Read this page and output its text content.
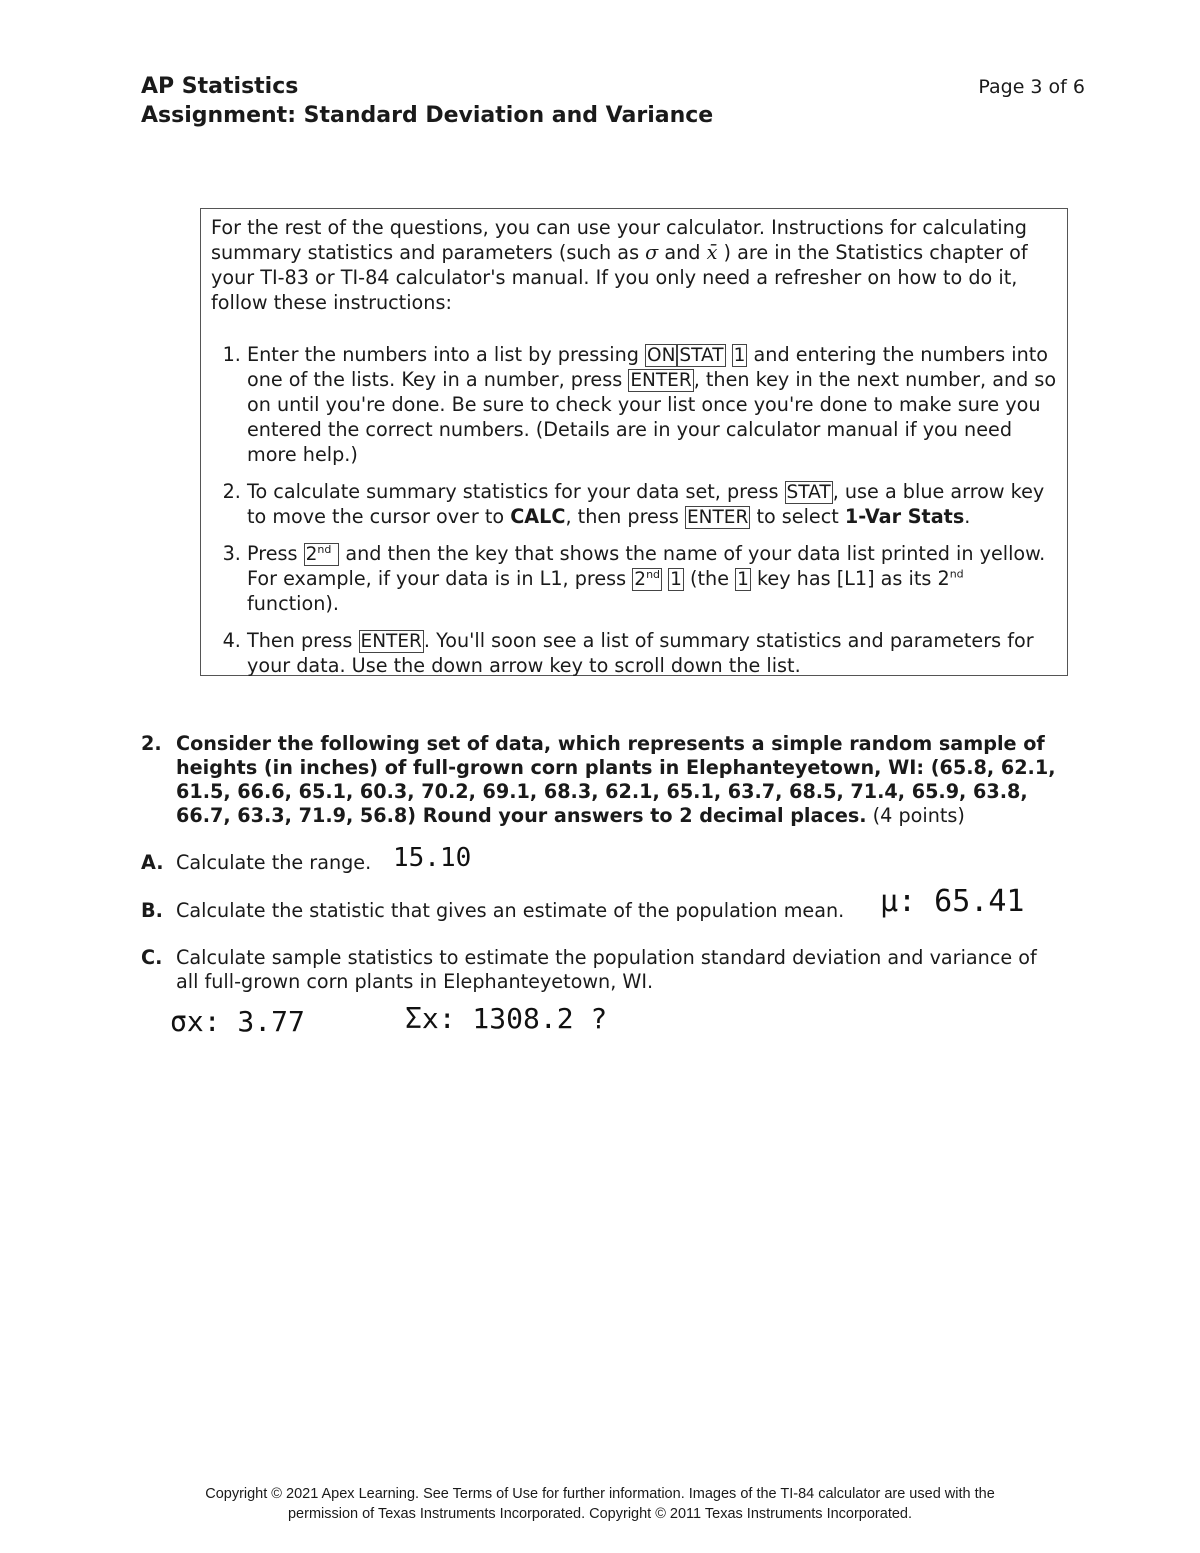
AP Statistics
Assignment: Standard Deviation and Variance
Page 3 of 6

For the rest of the questions, you can use your calculator. Instructions for calculating summary statistics and parameters (such as σ and x̄ ) are in the Statistics chapter of your TI-83 or TI-84 calculator's manual. If you only need a refresher on how to do it, follow these instructions:

1. Enter the numbers into a list by pressing ON STAT 1 and entering the numbers into one of the lists. Key in a number, press ENTER , then key in the next number, and so on until you're done. Be sure to check your list once you're done to make sure you entered the correct numbers. (Details are in your calculator manual if you need more help.)
2. To calculate summary statistics for your data set, press STAT , use a blue arrow key to move the cursor over to CALC, then press ENTER to select 1-Var Stats.
3. Press 2nd  and then the key that shows the name of your data list printed in yellow. For example, if your data is in L1, press 2nd 1 (the 1 key has [L1] as its 2nd function).
4. Then press ENTER . You'll soon see a list of summary statistics and parameters for your data. Use the down arrow key to scroll down the list.
2. Consider the following set of data, which represents a simple random sample of heights (in inches) of full-grown corn plants in Elephanteyetown, WI: (65.8, 62.1, 61.5, 66.6, 65.1, 60.3, 70.2, 69.1, 68.3, 62.1, 65.1, 63.7, 68.5, 71.4, 65.9, 63.8, 66.7, 63.3, 71.9, 56.8) Round your answers to 2 decimal places. (4 points)
A. Calculate the range. 15.10
B. Calculate the statistic that gives an estimate of the population mean.	μ: 65.41
C. Calculate sample statistics to estimate the population standard deviation and variance of all full-grown corn plants in Elephanteyetown, WI.
σx: 3.77	Σx: 1308.2 ?
Copyright © 2021 Apex Learning. See Terms of Use for further information. Images of the TI-84 calculator are used with the
permission of Texas Instruments Incorporated. Copyright © 2011 Texas Instruments Incorporated.
